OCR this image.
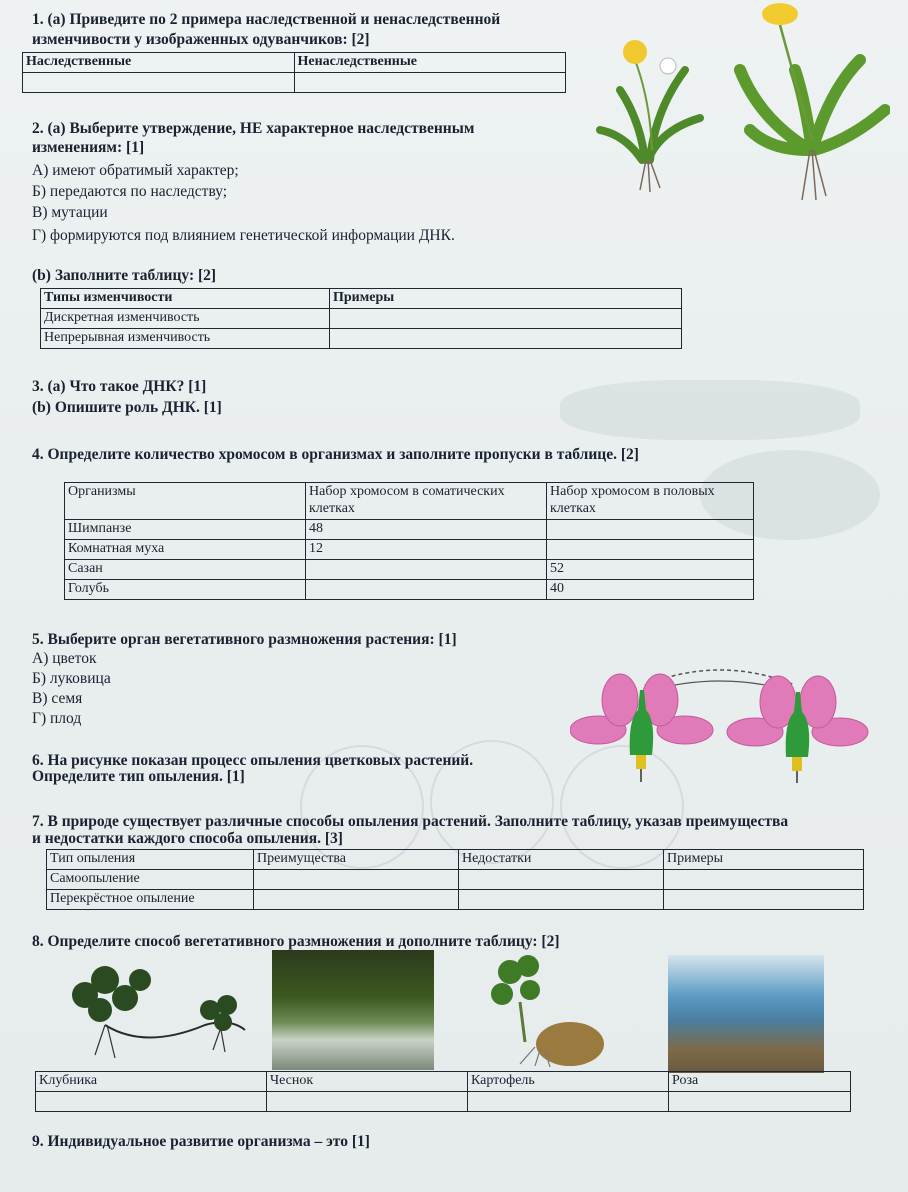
1. (a) Приведите по 2 примера наследственной и ненаследственной
изменчивости у изображенных одуванчиков: [2]
Наследственные	Ненаследственные

2. (a) Выберите утверждение, НЕ характерное наследственным
изменениям: [1]
А) имеют обратимый характер;
Б) передаются по наследству;
В) мутации
Г) формируются под влиянием генетической информации ДНК.
(b) Заполните таблицу: [2]
Типы изменчивости	Примеры
Дискретная изменчивость	
Непрерывная изменчивость	
3. (a) Что такое ДНК? [1]
(b) Опишите роль ДНК. [1]
4. Определите количество хромосом в организмах и заполните пропуски в таблице. [2]
Организмы	Набор хромосом в соматических клетках	Набор хромосом в половых клетках
Шимпанзе	48	
Комнатная муха	12	
Сазан		52
Голубь		40
5. Выберите орган вегетативного размножения растения: [1]
А) цветок
Б) луковица
В) семя
Г) плод
6. На рисунке показан процесс опыления цветковых растений.
Определите тип опыления. [1]
7. В природе существует различные способы опыления растений. Заполните таблицу, указав преимущества
и недостатки каждого способа опыления. [3]
Тип опыления	Преимущества	Недостатки	Примеры
Самоопыление			
Перекрёстное опыление			
8. Определите способ вегетативного размножения и дополните таблицу: [2]
Клубника	Чеснок	Картофель	Роза

9. Индивидуальное развитие организма – это [1]
